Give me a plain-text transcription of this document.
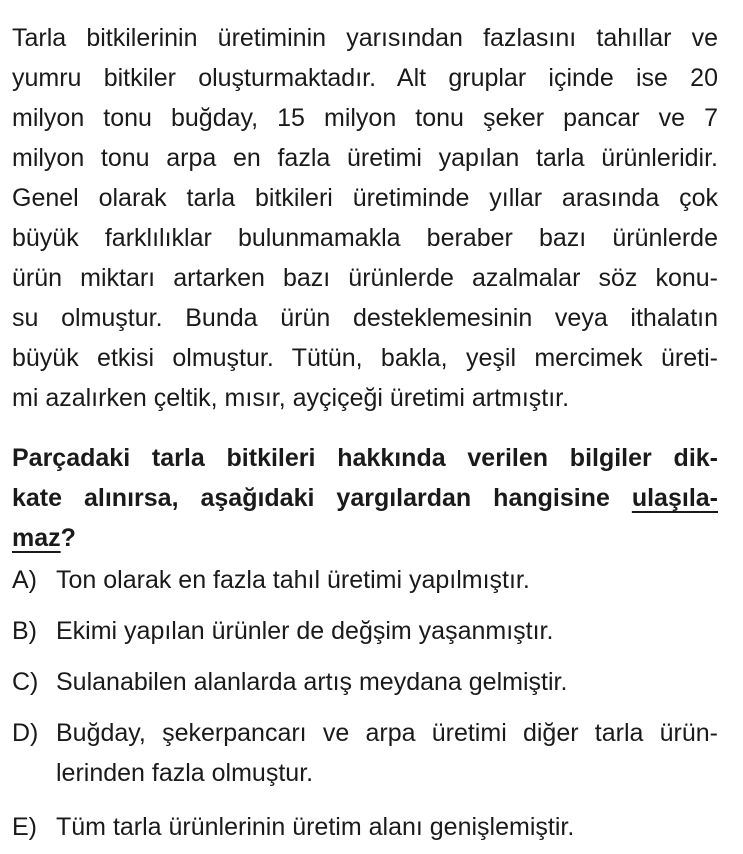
Tarla bitkilerinin üretiminin yarısından fazlasını tahıllar ve
yumru bitkiler oluşturmaktadır. Alt gruplar içinde ise 20
milyon tonu buğday, 15 milyon tonu şeker pancar ve 7
milyon tonu arpa en fazla üretimi yapılan tarla ürünleridir.
Genel olarak tarla bitkileri üretiminde yıllar arasında çok
büyük farklılıklar bulunmamakla beraber bazı ürünlerde
ürün miktarı artarken bazı ürünlerde azalmalar söz konu-
su olmuştur. Bunda ürün desteklemesinin veya ithalatın
büyük etkisi olmuştur. Tütün, bakla, yeşil mercimek üreti-
mi azalırken çeltik, mısır, ayçiçeği üretimi artmıştır.
Parçadaki tarla bitkileri hakkında verilen bilgiler dik-
kate alınırsa, aşağıdaki yargılardan hangisine ulaşıla-
maz?
A) Ton olarak en fazla tahıl üretimi yapılmıştır.
B) Ekimi yapılan ürünler de değşim yaşanmıştır.
C) Sulanabilen alanlarda artış meydana gelmiştir.
D) Buğday, şekerpancarı ve arpa üretimi diğer tarla ürün-
lerinden fazla olmuştur.
E) Tüm tarla ürünlerinin üretim alanı genişlemiştir.
